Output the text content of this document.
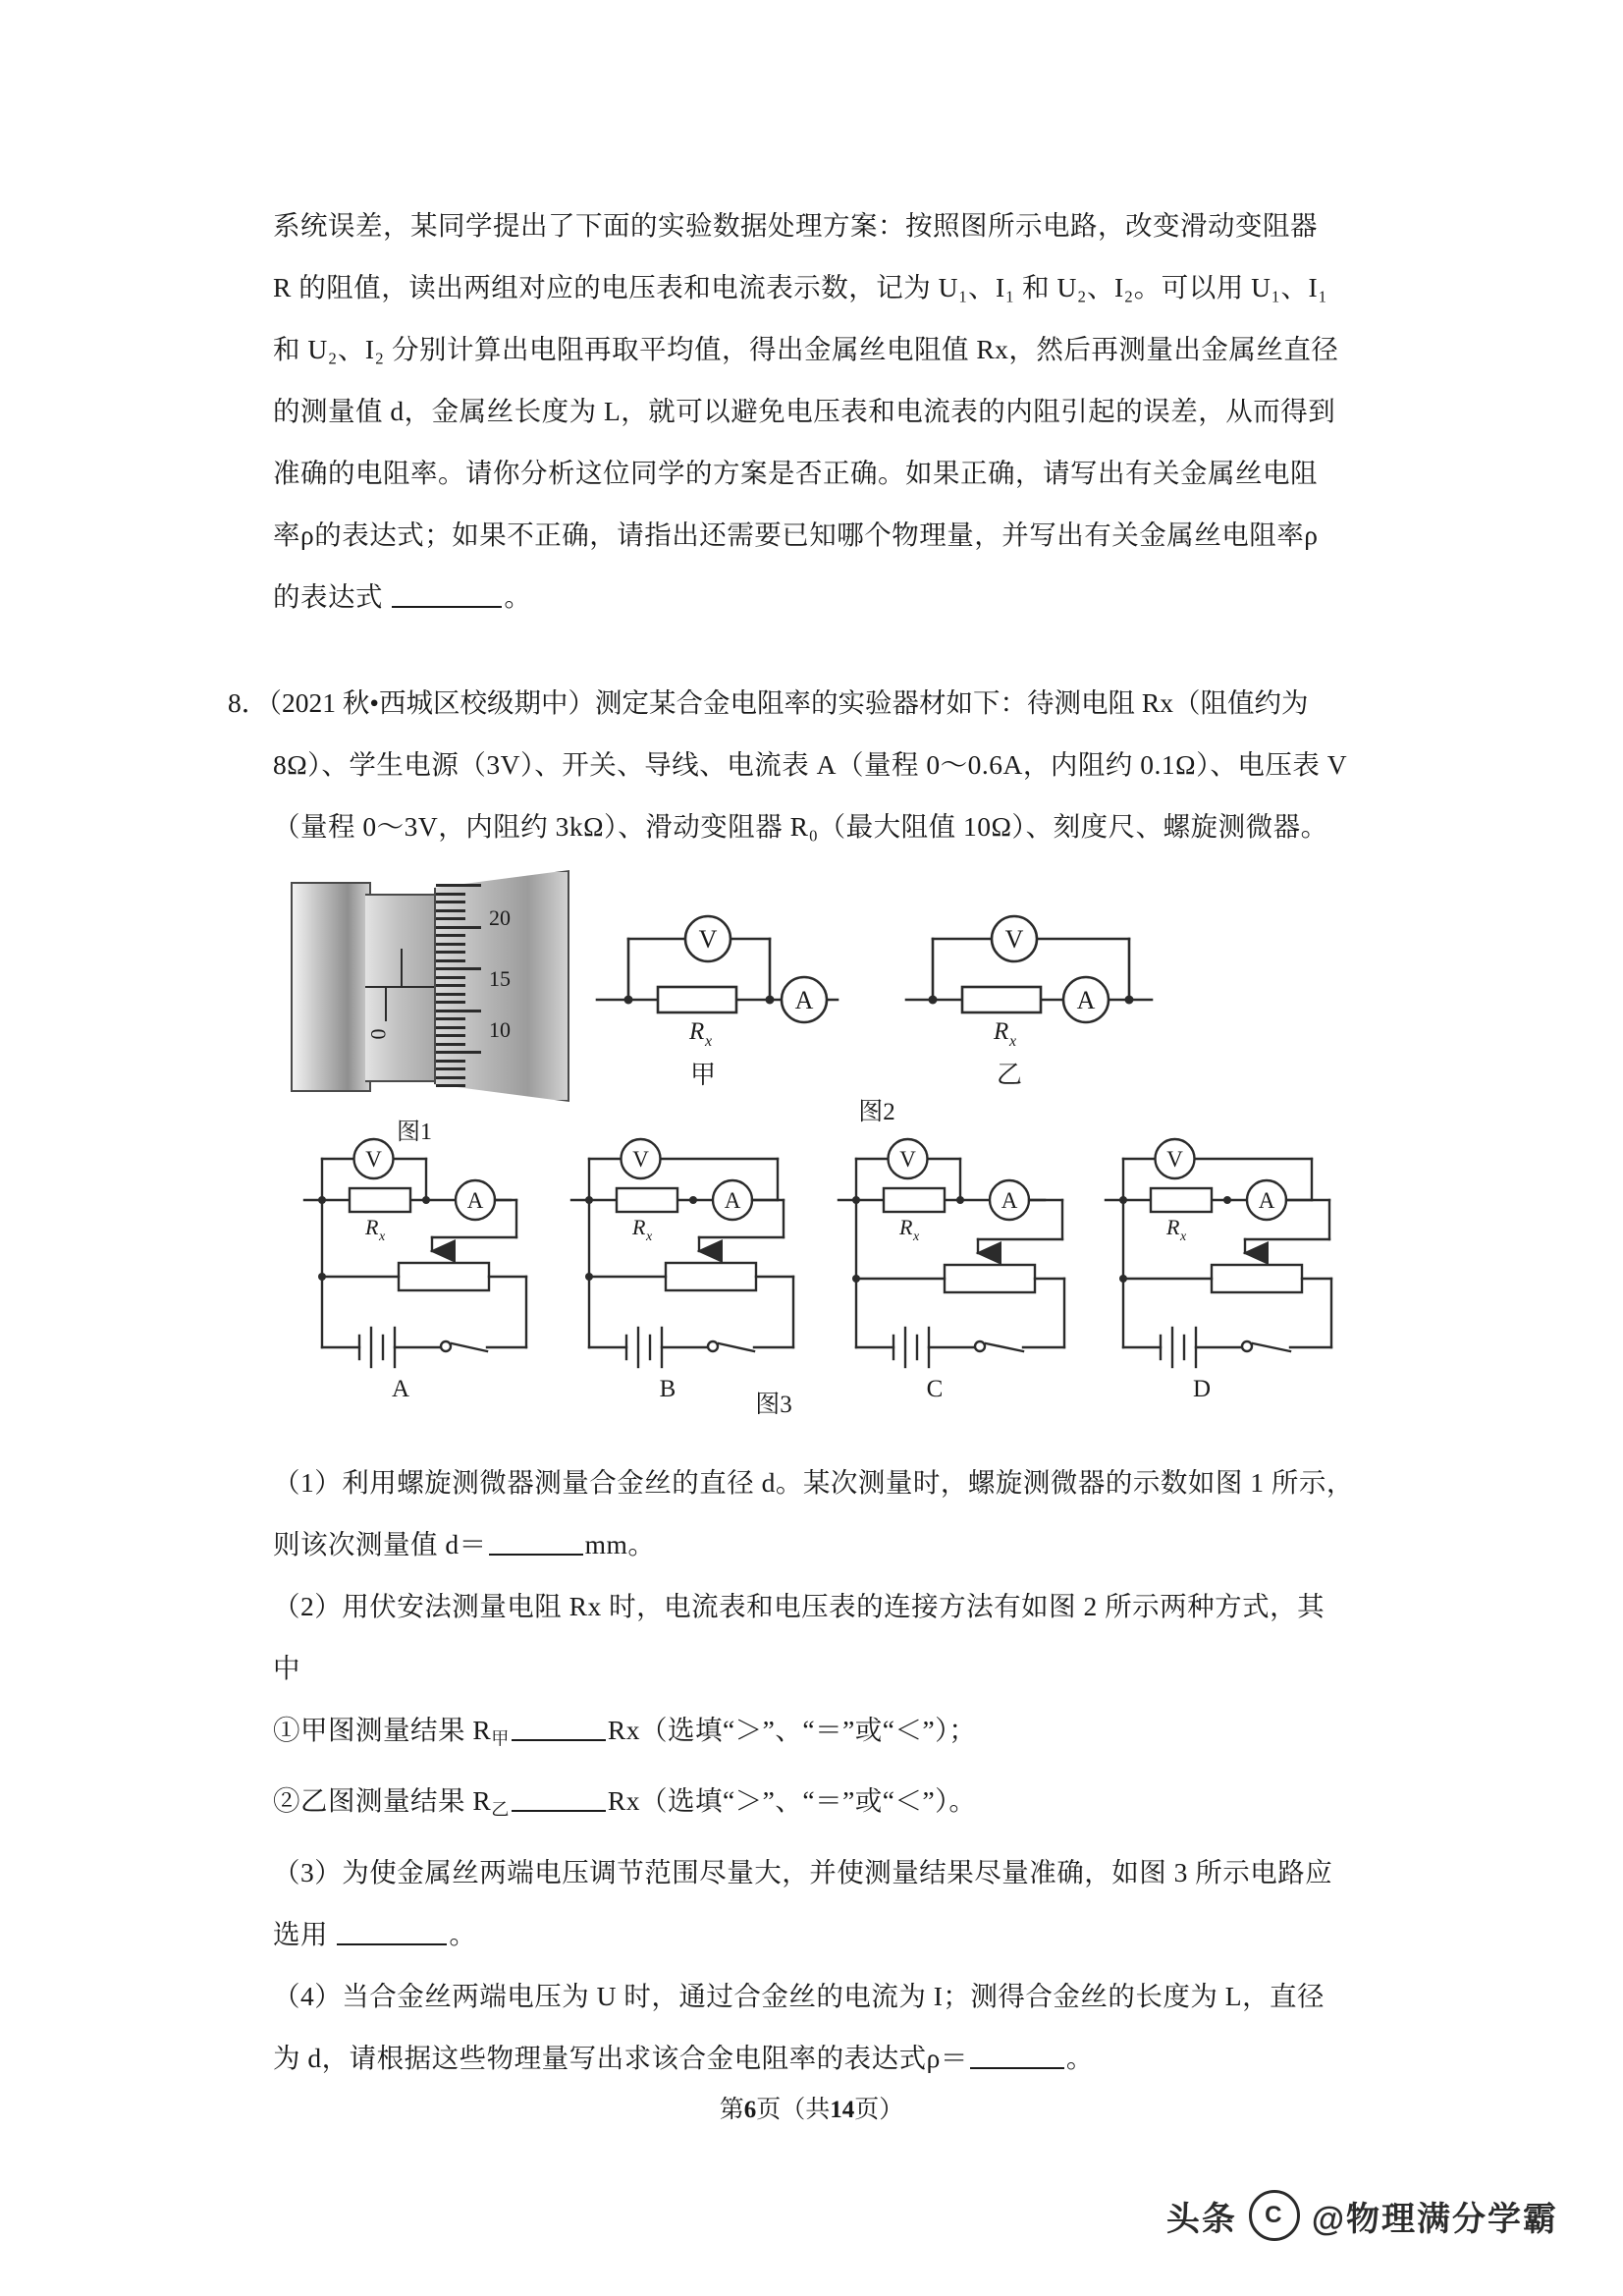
系统误差，某同学提出了下面的实验数据处理方案：按照图所示电路，改变滑动变阻器

R 的阻值，读出两组对应的电压表和电流表示数，记为 U₁、I₁ 和 U₂、I₂。可以用 U₁、I₁

和 U₂、I₂ 分别计算出电阻再取平均值，得出金属丝电阻值 Rx，然后再测量出金属丝直径

的测量值 d，金属丝长度为 L，就可以避免电压表和电流表的内阻引起的误差，从而得到

准确的电阻率。请你分析这位同学的方案是否正确。如果正确，请写出有关金属丝电阻

率ρ的表达式；如果不正确，请指出还需要已知哪个物理量，并写出有关金属丝电阻率ρ

的表达式	。

8．（2021 秋•西城区校级期中）测定某合金电阻率的实验器材如下：待测电阻 Rx（阻值约为

8Ω）、学生电源（3V）、开关、导线、电流表 A（量程 0～0.6A，内阻约 0.1Ω）、电压表 V

（量程 0～3V，内阻约 3kΩ）、滑动变阻器 R₀（最大阻值 10Ω）、刻度尺、螺旋测微器。

0
20
15
10
图1
V
A
R x
甲
V
A
R x
乙
图2
V
A
R x
A
V
A
R x
B
V
A
R x
C
V
A
R x
D
图3

（1）利用螺旋测微器测量合金丝的直径 d。某次测量时，螺旋测微器的示数如图 1 所示，

则该次测量值 d＝	mm。

（2）用伏安法测量电阻 Rx 时，电流表和电压表的连接方法有如图 2 所示两种方式，其

中

①甲图测量结果 $R_甲$	Rx（选填“＞”、“＝”或“＜”）；

②乙图测量结果 $R_乙$	Rx（选填“＞”、“＝”或“＜”）。

（3）为使金属丝两端电压调节范围尽量大，并使测量结果尽量准确，如图 3 所示电路应

选用	。

（4）当合金丝两端电压为 U 时，通过合金丝的电流为 I；测得合金丝的长度为 L，直径

为 d，请根据这些物理量写出求该合金电阻率的表达式ρ＝	。

第6页（共14页）
头条	C @物理满分学霸
